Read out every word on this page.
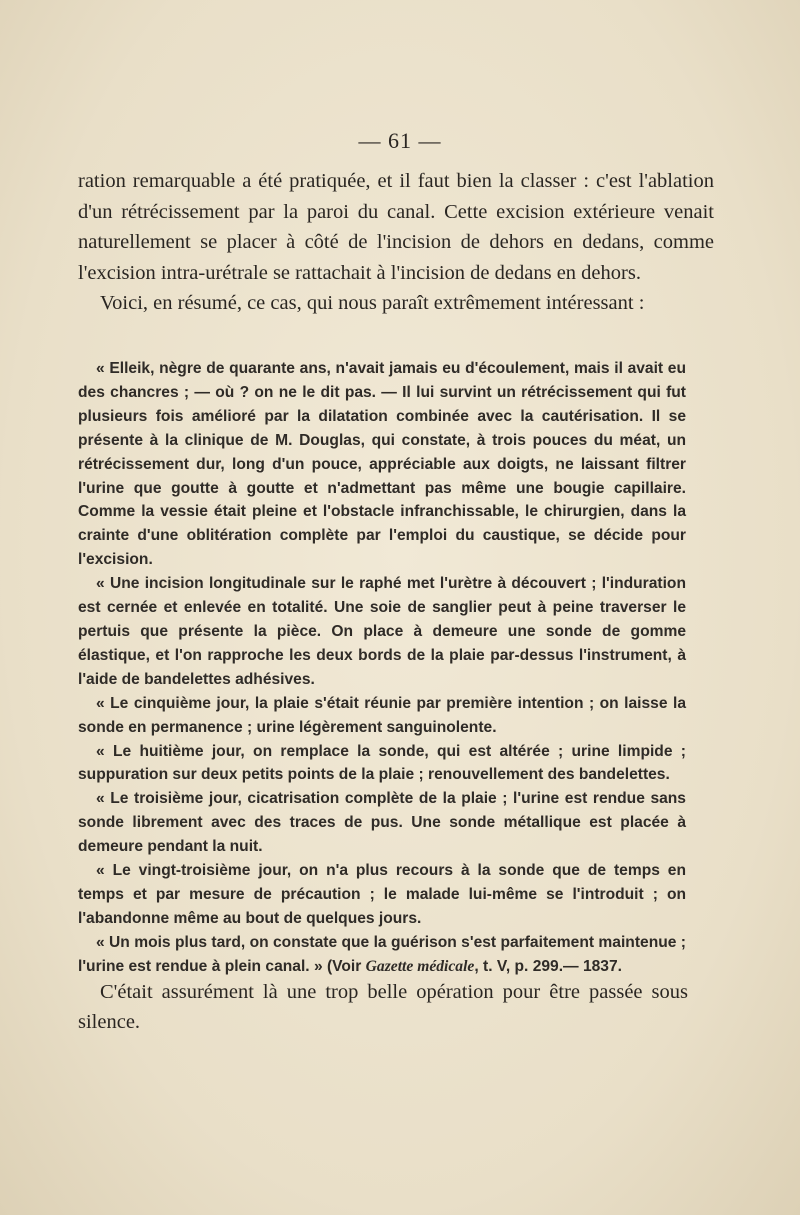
— 61 —

ration remarquable a été pratiquée, et il faut bien la classer : c'est l'ablation d'un rétrécissement par la paroi du canal. Cette excision extérieure venait naturellement se placer à côté de l'incision de dehors en dedans, comme l'excision intra-urétrale se rattachait à l'incision de dedans en dehors.

Voici, en résumé, ce cas, qui nous paraît extrêmement intéressant :

« Elleik, nègre de quarante ans, n'avait jamais eu d'écoulement, mais il avait eu des chancres ; — où ? on ne le dit pas. — Il lui survint un rétrécissement qui fut plusieurs fois amélioré par la dilatation combinée avec la cautérisation. Il se présente à la clinique de M. Douglas, qui constate, à trois pouces du méat, un rétrécissement dur, long d'un pouce, appréciable aux doigts, ne laissant filtrer l'urine que goutte à goutte et n'admettant pas même une bougie capillaire. Comme la vessie était pleine et l'obstacle infranchissable, le chirurgien, dans la crainte d'une oblitération complète par l'emploi du caustique, se décide pour l'excision.

« Une incision longitudinale sur le raphé met l'urètre à découvert ; l'induration est cernée et enlevée en totalité. Une soie de sanglier peut à peine traverser le pertuis que présente la pièce. On place à demeure une sonde de gomme élastique, et l'on rapproche les deux bords de la plaie par-dessus l'instrument, à l'aide de bandelettes adhésives.

« Le cinquième jour, la plaie s'était réunie par première intention ; on laisse la sonde en permanence ; urine légèrement sanguinolente.

« Le huitième jour, on remplace la sonde, qui est altérée ; urine limpide ; suppuration sur deux petits points de la plaie ; renouvellement des bandelettes.

« Le troisième jour, cicatrisation complète de la plaie ; l'urine est rendue sans sonde librement avec des traces de pus. Une sonde métallique est placée à demeure pendant la nuit.

« Le vingt-troisième jour, on n'a plus recours à la sonde que de temps en temps et par mesure de précaution ; le malade lui-même se l'introduit ; on l'abandonne même au bout de quelques jours.

« Un mois plus tard, on constate que la guérison s'est parfaitement maintenue ; l'urine est rendue à plein canal. » (Voir Gazette médicale, t. V, p. 299.— 1837.

C'était assurément là une trop belle opération pour être passée sous silence.
